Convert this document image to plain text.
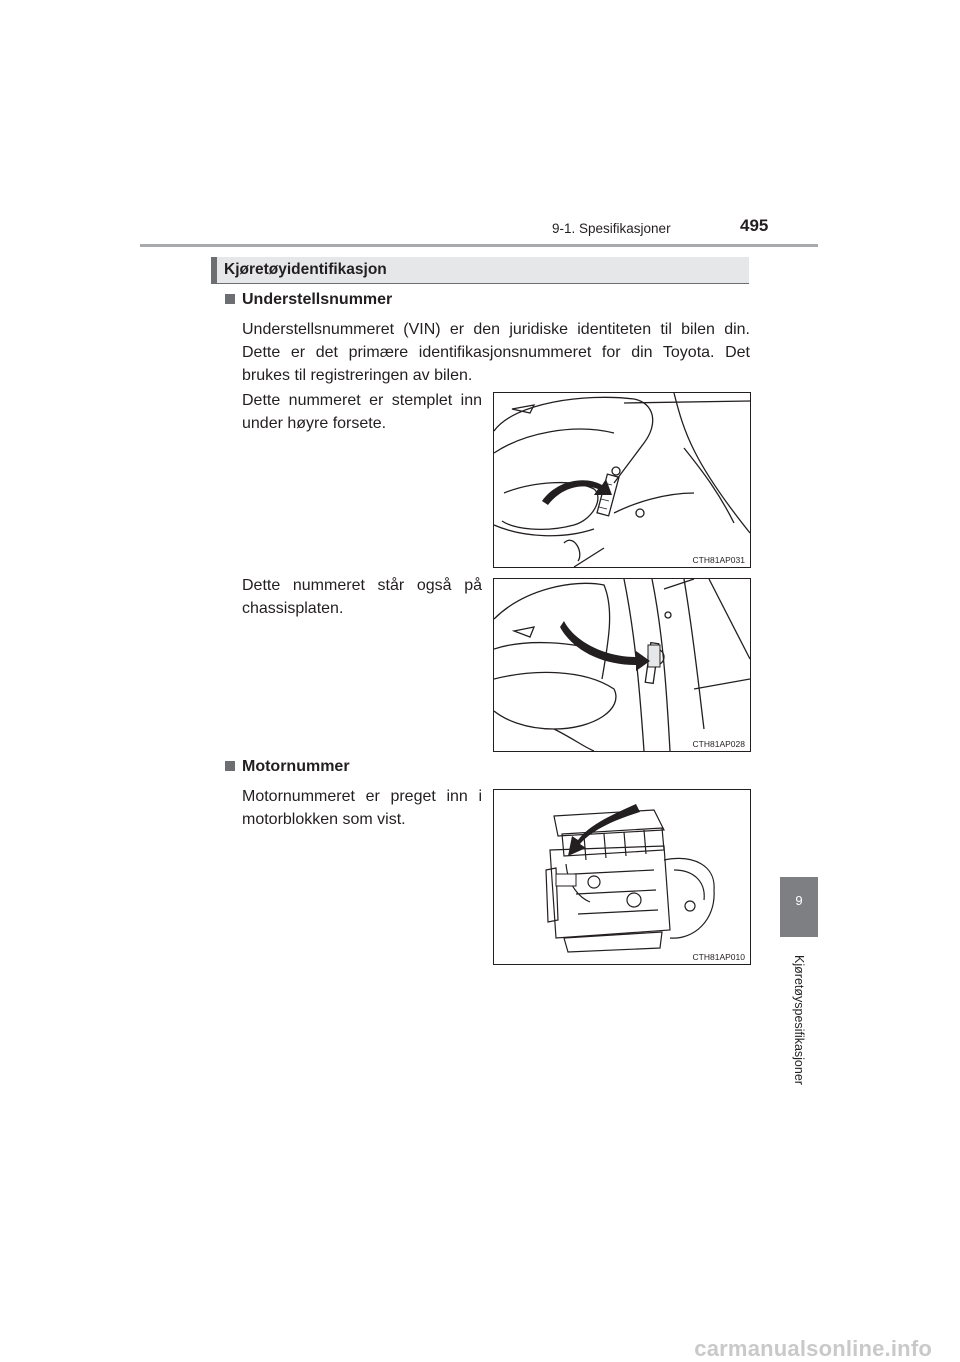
9-1. Spesifikasjoner	495
9
Kjøretøyspesifikasjoner
Kjøretøyidentifikasjon
Understellsnummer
Understellsnummeret (VIN) er den juridiske identiteten til bilen din. Dette er det primære identifikasjonsnummeret for din Toyota. Det brukes til registreringen av bilen.
Dette nummeret er stemplet inn under høyre forsete.
Dette nummeret står også på chassisplaten.
CTH81AP031
CTH81AP028
Motornummer
Motornummeret er preget inn i motorblokken som vist.
CTH81AP010
carmanualsonline.info
